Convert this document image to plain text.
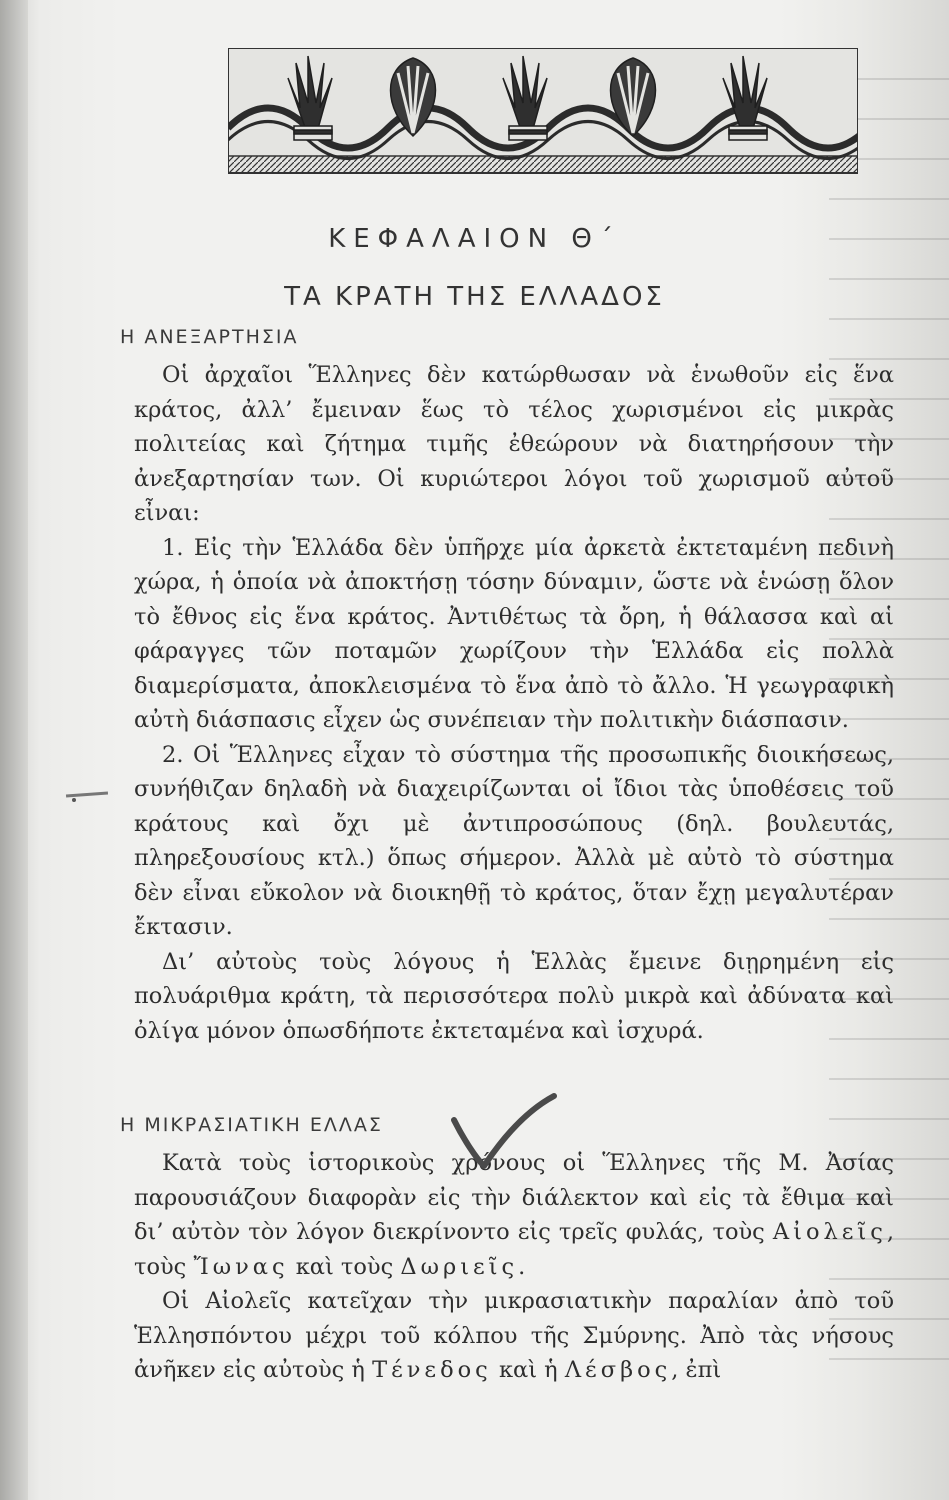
ΚΕΦΑΛΑΙΟΝ Θ΄
ΤΑ ΚΡΑΤΗ ΤΗΣ ΕΛΛΑΔΟΣ
Η ΑΝΕΞΑΡΤΗΣΙΑ

Οἱ ἀρχαῖοι Ἕλληνες δὲν κατώρθωσαν νὰ ἑνωθοῦν εἰς ἕνα κράτος, ἀλλ’ ἔμειναν ἕως τὸ τέλος χωρισμένοι εἰς μικρὰς πολιτείας καὶ ζήτημα τιμῆς ἐθεώρουν νὰ διατηρήσουν τὴν ἀνεξαρτησίαν των. Οἱ κυριώτεροι λόγοι τοῦ χωρισμοῦ αὐτοῦ εἶναι:

1. Εἰς τὴν Ἑλλάδα δὲν ὑπῆρχε μία ἀρκετὰ ἐκτεταμένη πεδινὴ χώρα, ἡ ὁποία νὰ ἀποκτήσῃ τόσην δύναμιν, ὥστε νὰ ἑνώσῃ ὅλον τὸ ἔθνος εἰς ἕνα κράτος. Ἀντιθέτως τὰ ὄρη, ἡ θάλασσα καὶ αἱ φάραγγες τῶν ποταμῶν χωρίζουν τὴν Ἑλλάδα εἰς πολλὰ διαμερίσματα, ἀποκλεισμένα τὸ ἕνα ἀπὸ τὸ ἄλλο. Ἡ γεωγραφικὴ αὐτὴ διάσπασις εἶχεν ὡς συνέπειαν τὴν πολιτικὴν διάσπασιν.

2. Οἱ Ἕλληνες εἶχαν τὸ σύστημα τῆς προσωπικῆς διοικήσεως, συνήθιζαν δηλαδὴ νὰ διαχειρίζωνται οἱ ἴδιοι τὰς ὑποθέσεις τοῦ κράτους καὶ ὄχι μὲ ἀντιπροσώπους (δηλ. βουλευτάς, πληρεξουσίους κτλ.) ὅπως σήμερον. Ἀλλὰ μὲ αὐτὸ τὸ σύστημα δὲν εἶναι εὔκολον νὰ διοικηθῇ τὸ κράτος, ὅταν ἔχῃ μεγαλυτέραν ἔκτασιν.

Δι’ αὐτοὺς τοὺς λόγους ἡ Ἑλλὰς ἔμεινε διῃρημένη εἰς πολυάριθμα κράτη, τὰ περισσότερα πολὺ μικρὰ καὶ ἀδύνατα καὶ ὀλίγα μόνον ὁπωσδήποτε ἐκτεταμένα καὶ ἰσχυρά.

Η ΜΙΚΡΑΣΙΑΤΙΚΗ ΕΛΛΑΣ

Κατὰ τοὺς ἱστορικοὺς χρόνους οἱ Ἕλληνες τῆς Μ. Ἀσίας παρουσιάζουν διαφορὰν εἰς τὴν διάλεκτον καὶ εἰς τὰ ἔθιμα καὶ δι’ αὐτὸν τὸν λόγον διεκρίνοντο εἰς τρεῖς φυλάς, τοὺς Αἰολεῖς, τοὺς Ἴωνας καὶ τοὺς Δωριεῖς.

Οἱ Αἰολεῖς κατεῖχαν τὴν μικρασιατικὴν παραλίαν ἀπὸ τοῦ Ἑλλησπόντου μέχρι τοῦ κόλπου τῆς Σμύρνης. Ἀπὸ τὰς νήσους ἀνῆκεν εἰς αὐτοὺς ἡ Τένεδος καὶ ἡ Λέσβος, ἐπὶ
